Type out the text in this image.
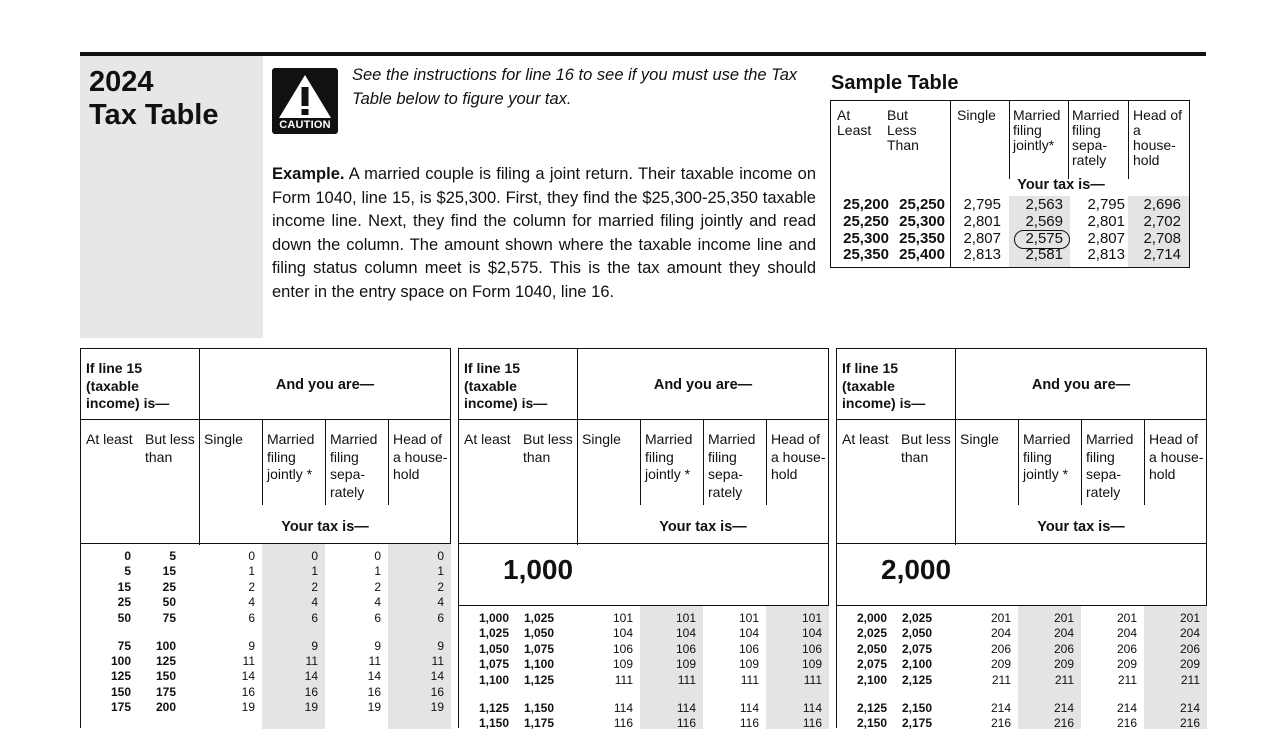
2024
Tax Table	CAUTION
See the instructions for line 16 to see if you must use the Tax Table below to figure your tax.
Example. A married couple is filing a joint return. Their taxable income on Form 1040, line 15, is $25,300. First, they find the $25,300-25,350 taxable income line. Next, they find the column for married filing jointly and read down the column. The amount shown where the taxable income line and filing status column meet is $2,575. This is the tax amount they should enter in the entry space on Form 1040, line 16.
Sample Table
At Least
But Less Than
Single	Married filing jointly*
Married filing sepa-rately
Head of a house-hold
Your tax is—
25,200 25,250	2,795	2,563	2,795	2,696
25,250 25,300	2,801	2,569	2,801	2,702
25,300 25,350	2,807	2,575	2,807	2,708
25,350 25,400	2,813	2,581	2,813	2,714
If line 15 (taxable income) is—
And you are—
At least But less than
Single	Married filing jointly *
Married filing sepa-rately
Head of a house-hold
Your tax is—
0	5	0	0	0	0
5	15	1	1	1	1
15	25	2	2	2	2
25	50	4	4	4	4
50	75	6	6	6	6
75	100	9	9	9	9
100	125	11	11	11	11
125	150	14	14	14	14
150	175	16	16	16	16
175	200	19	19	19	19
If line 15 (taxable income) is—
And you are—
At least But less than
Single	Married filing jointly *
Married filing sepa-rately
Head of a house-hold
Your tax is—
1,000
1,000	1,025	101	101	101	101
1,025	1,050	104	104	104	104
1,050	1,075	106	106	106	106
1,075	1,100	109	109	109	109
1,100	1,125	111	111	111	111
1,125	1,150	114	114	114	114
1,150	1,175	116	116	116	116
If line 15 (taxable income) is—
And you are—
At least But less than
Single	Married filing jointly *
Married filing sepa-rately
Head of a house-hold
Your tax is—
2,000
2,000	2,025	201	201	201	201
2,025	2,050	204	204	204	204
2,050	2,075	206	206	206	206
2,075	2,100	209	209	209	209
2,100	2,125	211	211	211	211
2,125	2,150	214	214	214	214
2,150	2,175	216	216	216	216
